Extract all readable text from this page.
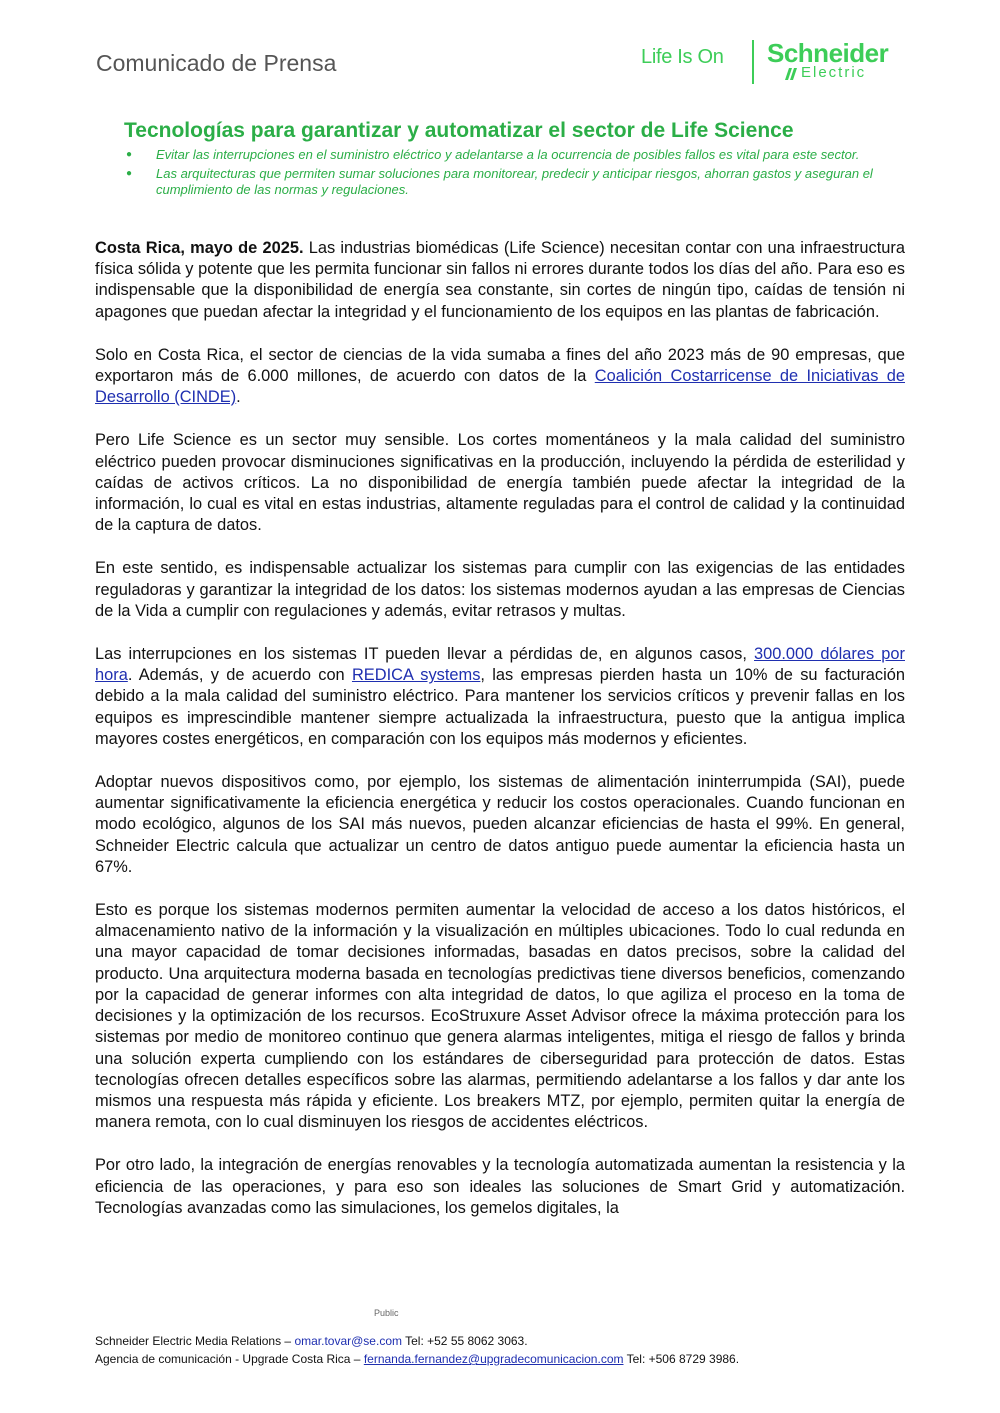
Comunicado de Prensa	Life Is On Schneider
Electric
Tecnologías para garantizar y automatizar el sector de Life Science
● Evitar las interrupciones en el suministro eléctrico y adelantarse a la ocurrencia de posibles fallos es vital para este sector.
● Las arquitecturas que permiten sumar soluciones para monitorear, predecir y anticipar riesgos, ahorran gastos y aseguran el cumplimiento de las normas y regulaciones.

Costa Rica, mayo de 2025. Las industrias biomédicas (Life Science) necesitan contar con una infraestructura física sólida y potente que les permita funcionar sin fallos ni errores durante todos los días del año. Para eso es indispensable que la disponibilidad de energía sea constante, sin cortes de ningún tipo, caídas de tensión ni apagones que puedan afectar la integridad y el funcionamiento de los equipos en las plantas de fabricación.

Solo en Costa Rica, el sector de ciencias de la vida sumaba a fines del año 2023 más de 90 empresas, que exportaron más de 6.000 millones, de acuerdo con datos de la Coalición Costarricense de Iniciativas de Desarrollo (CINDE).

Pero Life Science es un sector muy sensible. Los cortes momentáneos y la mala calidad del suministro eléctrico pueden provocar disminuciones significativas en la producción, incluyendo la pérdida de esterilidad y caídas de activos críticos. La no disponibilidad de energía también puede afectar la integridad de la información, lo cual es vital en estas industrias, altamente reguladas para el control de calidad y la continuidad de la captura de datos.

En este sentido, es indispensable actualizar los sistemas para cumplir con las exigencias de las entidades reguladoras y garantizar la integridad de los datos: los sistemas modernos ayudan a las empresas de Ciencias de la Vida a cumplir con regulaciones y además, evitar retrasos y multas.

Las interrupciones en los sistemas IT pueden llevar a pérdidas de, en algunos casos, 300.000 dólares por hora. Además, y de acuerdo con REDICA systems, las empresas pierden hasta un 10% de su facturación debido a la mala calidad del suministro eléctrico. Para mantener los servicios críticos y prevenir fallas en los equipos es imprescindible mantener siempre actualizada la infraestructura, puesto que la antigua implica mayores costes energéticos, en comparación con los equipos más modernos y eficientes.

Adoptar nuevos dispositivos como, por ejemplo, los sistemas de alimentación ininterrumpida (SAI), puede aumentar significativamente la eficiencia energética y reducir los costos operacionales. Cuando funcionan en modo ecológico, algunos de los SAI más nuevos, pueden alcanzar eficiencias de hasta el 99%. En general, Schneider Electric calcula que actualizar un centro de datos antiguo puede aumentar la eficiencia hasta un 67%.

Esto es porque los sistemas modernos permiten aumentar la velocidad de acceso a los datos históricos, el almacenamiento nativo de la información y la visualización en múltiples ubicaciones. Todo lo cual redunda en una mayor capacidad de tomar decisiones informadas, basadas en datos precisos, sobre la calidad del producto. Una arquitectura moderna basada en tecnologías predictivas tiene diversos beneficios, comenzando por la capacidad de generar informes con alta integridad de datos, lo que agiliza el proceso en la toma de decisiones y la optimización de los recursos. EcoStruxure Asset Advisor ofrece la máxima protección para los sistemas por medio de monitoreo continuo que genera alarmas inteligentes, mitiga el riesgo de fallos y brinda una solución experta cumpliendo con los estándares de ciberseguridad para protección de datos. Estas tecnologías ofrecen detalles específicos sobre las alarmas, permitiendo adelantarse a los fallos y dar ante los mismos una respuesta más rápida y eficiente. Los breakers MTZ, por ejemplo, permiten quitar la energía de manera remota, con lo cual disminuyen los riesgos de accidentes eléctricos.

Por otro lado, la integración de energías renovables y la tecnología automatizada aumentan la resistencia y la eficiencia de las operaciones, y para eso son ideales las soluciones de Smart Grid y automatización. Tecnologías avanzadas como las simulaciones, los gemelos digitales, la

Public
Schneider Electric Media Relations – omar.tovar@se.com Tel: +52 55 8062 3063.
Agencia de comunicación - Upgrade Costa Rica – fernanda.fernandez@upgradecomunicacion.com Tel: +506 8729 3986.
